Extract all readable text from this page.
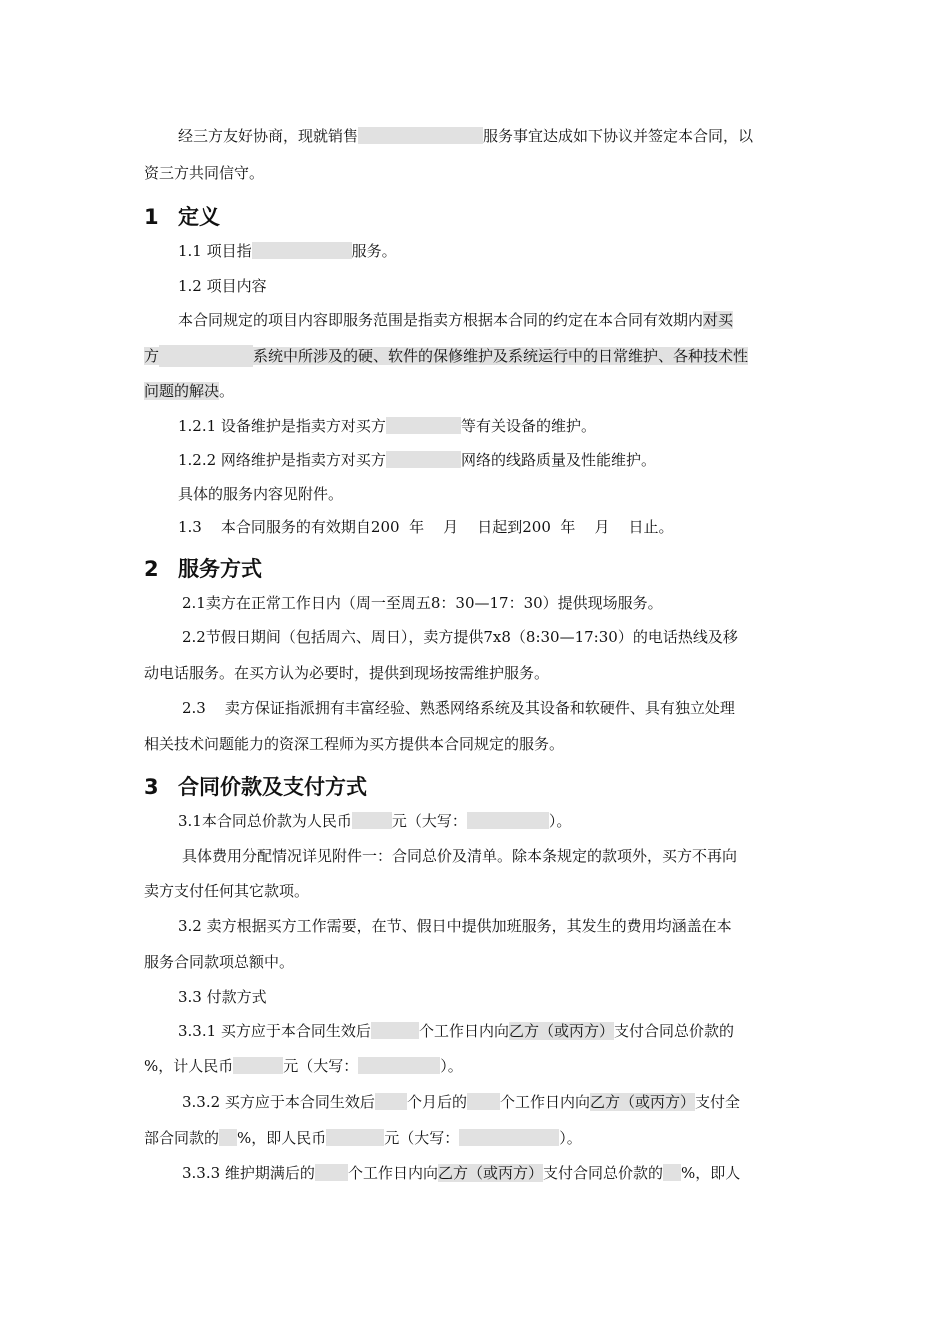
经三方友好协商，现就销售	服务事宜达成如下协议并签定本合同，以
资三方共同信守。
1 定义
1.1 项目指	服务。
1.2 项目内容
本合同规定的项目内容即服务范围是指卖方根据本合同的约定在本合同有效期内对买
方	系统中所涉及的硬、软件的保修维护及系统运行中的日常维护、各种技术性
问题的解决。
1.2.1 设备维护是指卖方对买方	等有关设备的维护。
1.2.2 网络维护是指卖方对买方	网络的线路质量及性能维护。
具体的服务内容见附件。
1.3    本合同服务的有效期自200  年    月    日起到200  年    月    日止。
2 服务方式
2.1卖方在正常工作日内（周一至周五8：30—17：30）提供现场服务。
2.2节假日期间（包括周六、周日），卖方提供7x8（8:30—17:30）的电话热线及移
动电话服务。在买方认为必要时，提供到现场按需维护服务。
2.3    卖方保证指派拥有丰富经验、熟悉网络系统及其设备和软硬件、具有独立处理
相关技术问题能力的资深工程师为买方提供本合同规定的服务。
3 合同价款及支付方式
3.1本合同总价款为人民币	元（大写：	）。
具体费用分配情况详见附件一：合同总价及清单。除本条规定的款项外，买方不再向
卖方支付任何其它款项。
3.2 卖方根据买方工作需要，在节、假日中提供加班服务，其发生的费用均涵盖在本
服务合同款项总额中。
3.3 付款方式
3.3.1 买方应于本合同生效后	个工作日内向乙方（或丙方）支付合同总价款的
%，计人民币	元（大写：	）。
3.3.2 买方应于本合同生效后 个月后的 个工作日内向乙方（或丙方）支付全
部合同款的 %，即人民币	元（大写：	）。
3.3.3 维护期满后的 个工作日内向乙方（或丙方）支付合同总价款的 %，即人
